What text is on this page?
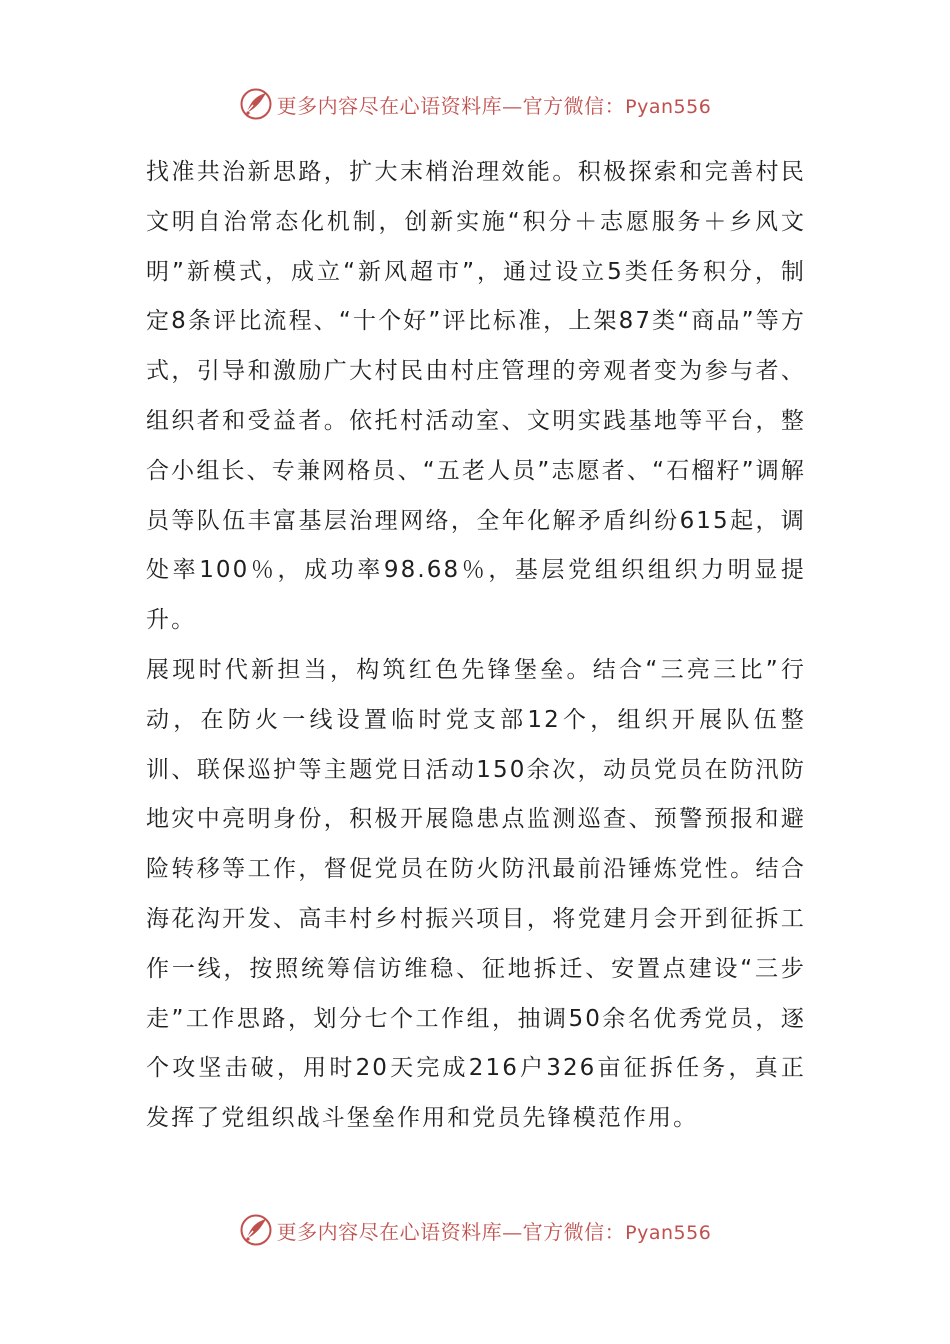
更多内容尽在心语资料库—官方微信：Pyan556

找准共治新思路，扩大末梢治理效能。积极探索和完善村民文明自治常态化机制，创新实施“积分＋志愿服务＋乡风文明”新模式，成立“新风超市”，通过设立5类任务积分，制定8条评比流程、“十个好”评比标准，上架87类“商品”等方式，引导和激励广大村民由村庄管理的旁观者变为参与者、组织者和受益者。依托村活动室、文明实践基地等平台，整合小组长、专兼网格员、“五老人员”志愿者、“石榴籽”调解员等队伍丰富基层治理网络，全年化解矛盾纠纷615起，调处率100％，成功率98.68％，基层党组织组织力明显提升。

展现时代新担当，构筑红色先锋堡垒。结合“三亮三比”行动，在防火一线设置临时党支部12个，组织开展队伍整训、联保巡护等主题党日活动150余次，动员党员在防汛防地灾中亮明身份，积极开展隐患点监测巡查、预警预报和避险转移等工作，督促党员在防火防汛最前沿锤炼党性。结合海花沟开发、高丰村乡村振兴项目，将党建月会开到征拆工作一线，按照统筹信访维稳、征地拆迁、安置点建设“三步走”工作思路，划分七个工作组，抽调50余名优秀党员，逐个攻坚击破，用时20天完成216户326亩征拆任务，真正发挥了党组织战斗堡垒作用和党员先锋模范作用。

更多内容尽在心语资料库—官方微信：Pyan556
